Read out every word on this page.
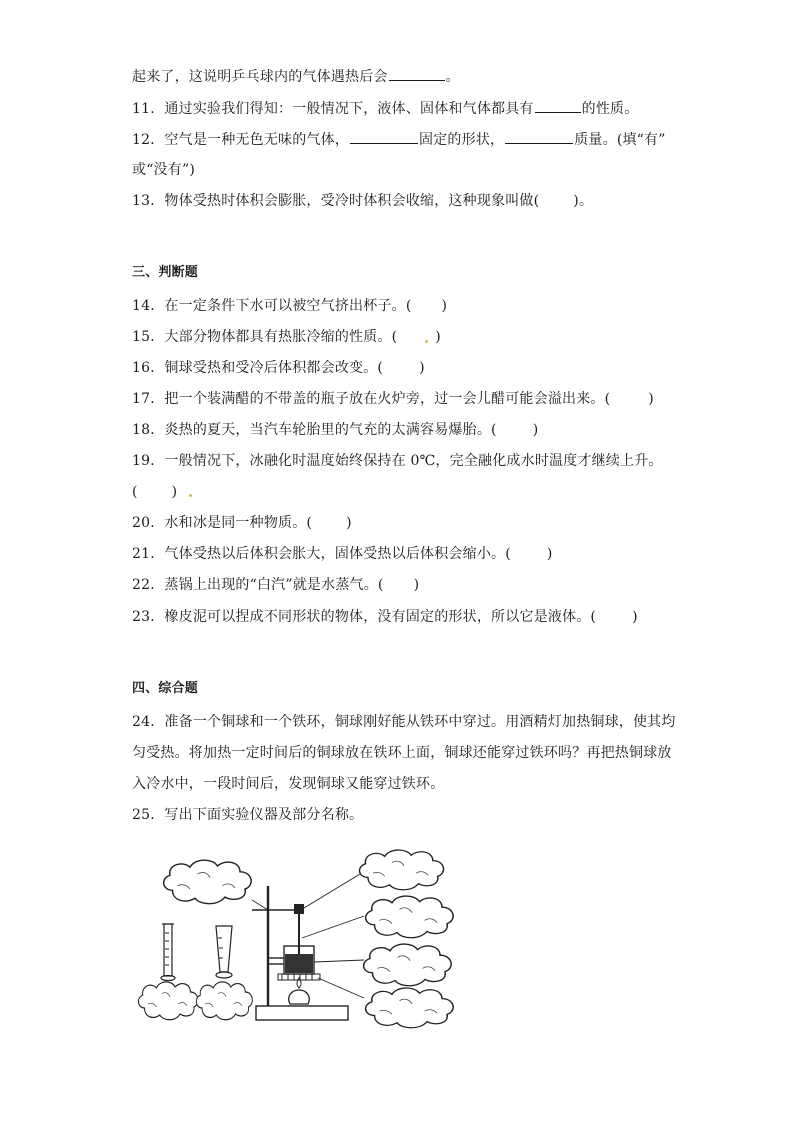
起来了，这说明乒乓球内的气体遇热后会	。
11．通过实验我们得知：一般情况下，液体、固体和气体都具有	的性质。
12．空气是一种无色无味的气体，	固定的形状，	质量。(填“有”
或“没有”)
13．物体受热时体积会膨胀，受冷时体积会收缩，这种现象叫做( )。
三、判断题
14．在一定条件下水可以被空气挤出杯子。( )
15．大部分物体都具有热胀冷缩的性质。(	)
16．铜球受热和受冷后体积都会改变。(	)
17．把一个装满醋的不带盖的瓶子放在火炉旁，过一会儿醋可能会溢出来。(	)
18．炎热的夏天，当汽车轮胎里的气充的太满容易爆胎。(	)
19．一般情况下，冰融化时温度始终保持在 0℃，完全融化成水时温度才继续上升。
( )
20．水和冰是同一种物质。( )
21．气体受热以后体积会胀大，固体受热以后体积会缩小。(	)
22．蒸锅上出现的“白汽”就是水蒸气。( )
23．橡皮泥可以捏成不同形状的物体，没有固定的形状，所以它是液体。(	)
四、综合题
24．准备一个铜球和一个铁环，铜球刚好能从铁环中穿过。用酒精灯加热铜球，使其均
匀受热。将加热一定时间后的铜球放在铁环上面，铜球还能穿过铁环吗？再把热铜球放
入冷水中，一段时间后，发现铜球又能穿过铁环。
25．写出下面实验仪器及部分名称。
